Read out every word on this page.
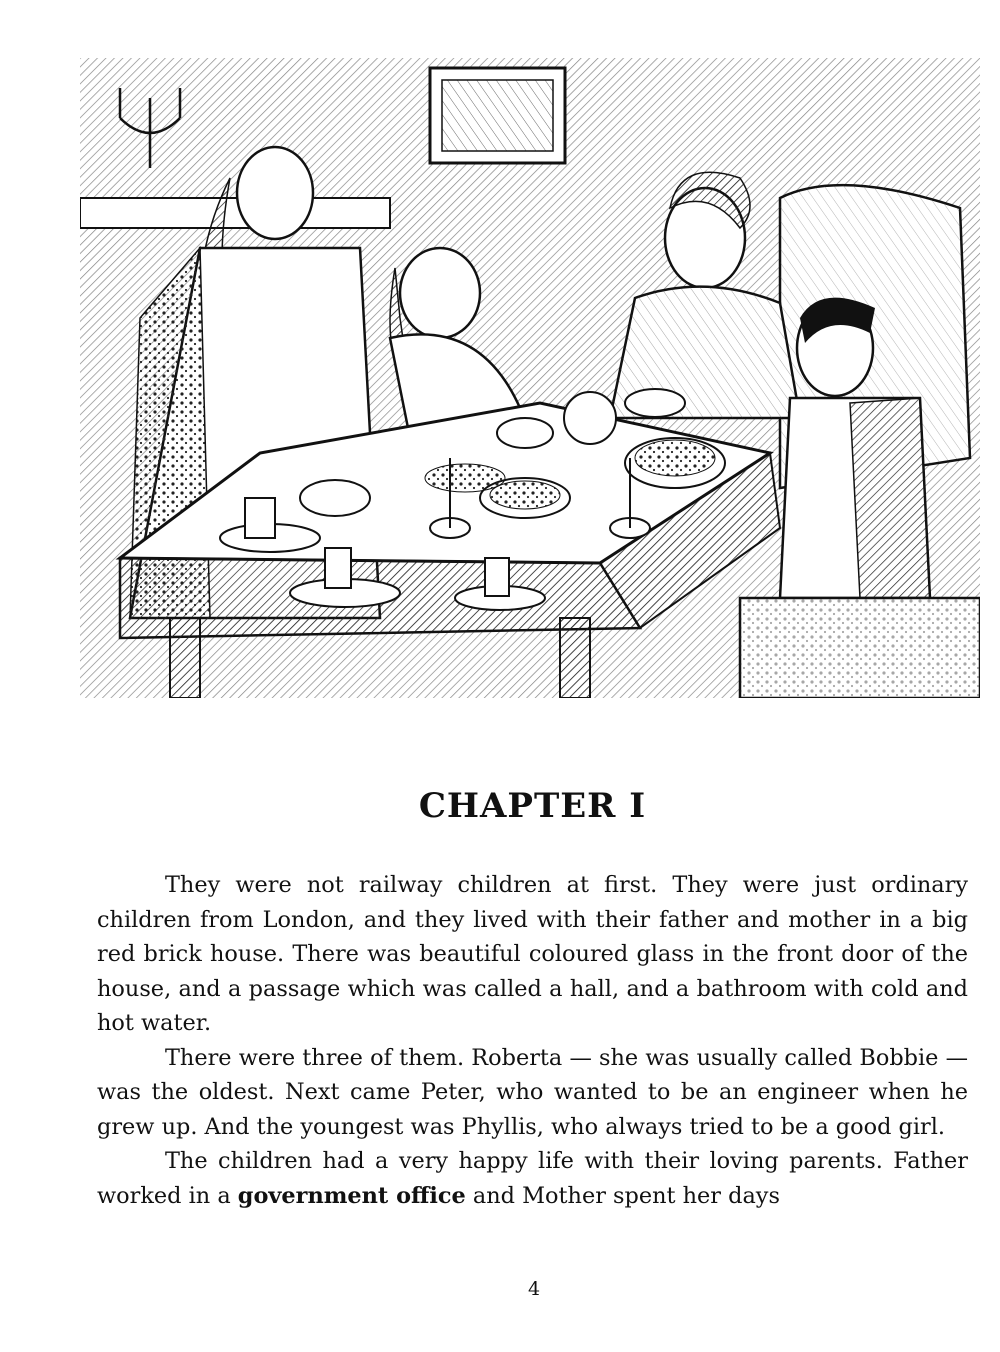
CHAPTER I

They were not railway children at first. They were just ordinary children from London, and they lived with their father and mother in a big red brick house. There was beautiful coloured glass in the front door of the house, and a passage which was called a hall, and a bathroom with cold and hot water.

There were three of them. Roberta — she was usually called Bobbie — was the oldest. Next came Peter, who wanted to be an engineer when he grew up. And the youngest was Phyllis, who always tried to be a good girl.

The children had a very happy life with their loving parents. Father worked in a government office and Mother spent her days

4
